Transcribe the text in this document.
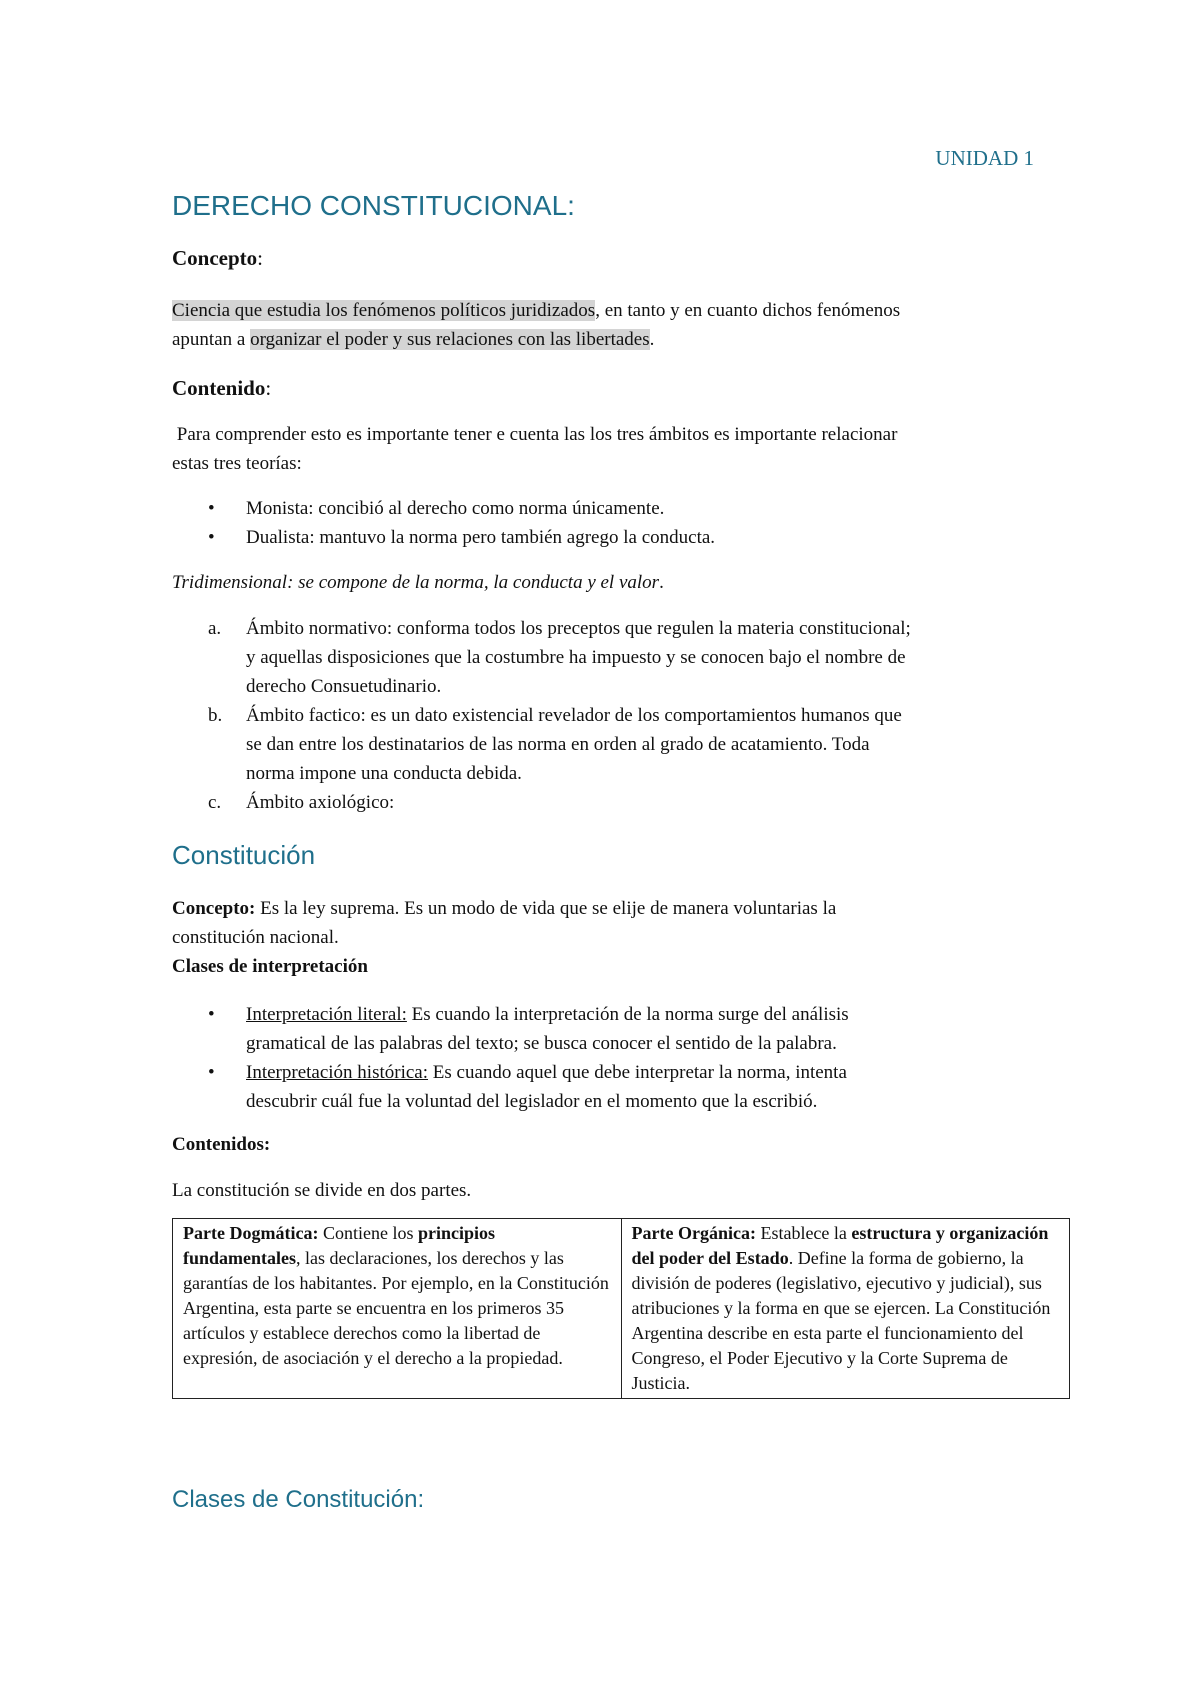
UNIDAD 1
DERECHO CONSTITUCIONAL:
Concepto:
Ciencia que estudia los fenómenos políticos juridizados, en tanto y en cuanto dichos fenómenos
apuntan a organizar el poder y sus relaciones con las libertades.
Contenido:
Para comprender esto es importante tener e cuenta las los tres ámbitos es importante relacionar
estas tres teorías:
• Monista: concibió al derecho como norma únicamente.
• Dualista: mantuvo la norma pero también agrego la conducta.
Tridimensional: se compone de la norma, la conducta y el valor.
a. Ámbito normativo: conforma todos los preceptos que regulen la materia constitucional;
y aquellas disposiciones que la costumbre ha impuesto y se conocen bajo el nombre de
derecho Consuetudinario.
b. Ámbito factico: es un dato existencial revelador de los comportamientos humanos que
se dan entre los destinatarios de las norma en orden al grado de acatamiento. Toda
norma impone una conducta debida.
c. Ámbito axiológico:
Constitución
Concepto: Es la ley suprema. Es un modo de vida que se elije de manera voluntarias la
constitución nacional.
Clases de interpretación
• Interpretación literal: Es cuando la interpretación de la norma surge del análisis
gramatical de las palabras del texto; se busca conocer el sentido de la palabra.
• Interpretación histórica: Es cuando aquel que debe interpretar la norma, intenta
descubrir cuál fue la voluntad del legislador en el momento que la escribió.
Contenidos:
La constitución se divide en dos partes.
Parte Dogmática: Contiene los principios fundamentales, las declaraciones, los derechos y las garantías de los habitantes. Por ejemplo, en la Constitución Argentina, esta parte se encuentra en los primeros 35 artículos y establece derechos como la libertad de expresión, de asociación y el derecho a la propiedad.	Parte Orgánica: Establece la estructura y organización del poder del Estado. Define la forma de gobierno, la división de poderes (legislativo, ejecutivo y judicial), sus atribuciones y la forma en que se ejercen. La Constitución Argentina describe en esta parte el funcionamiento del Congreso, el Poder Ejecutivo y la Corte Suprema de Justicia.
Clases de Constitución:
